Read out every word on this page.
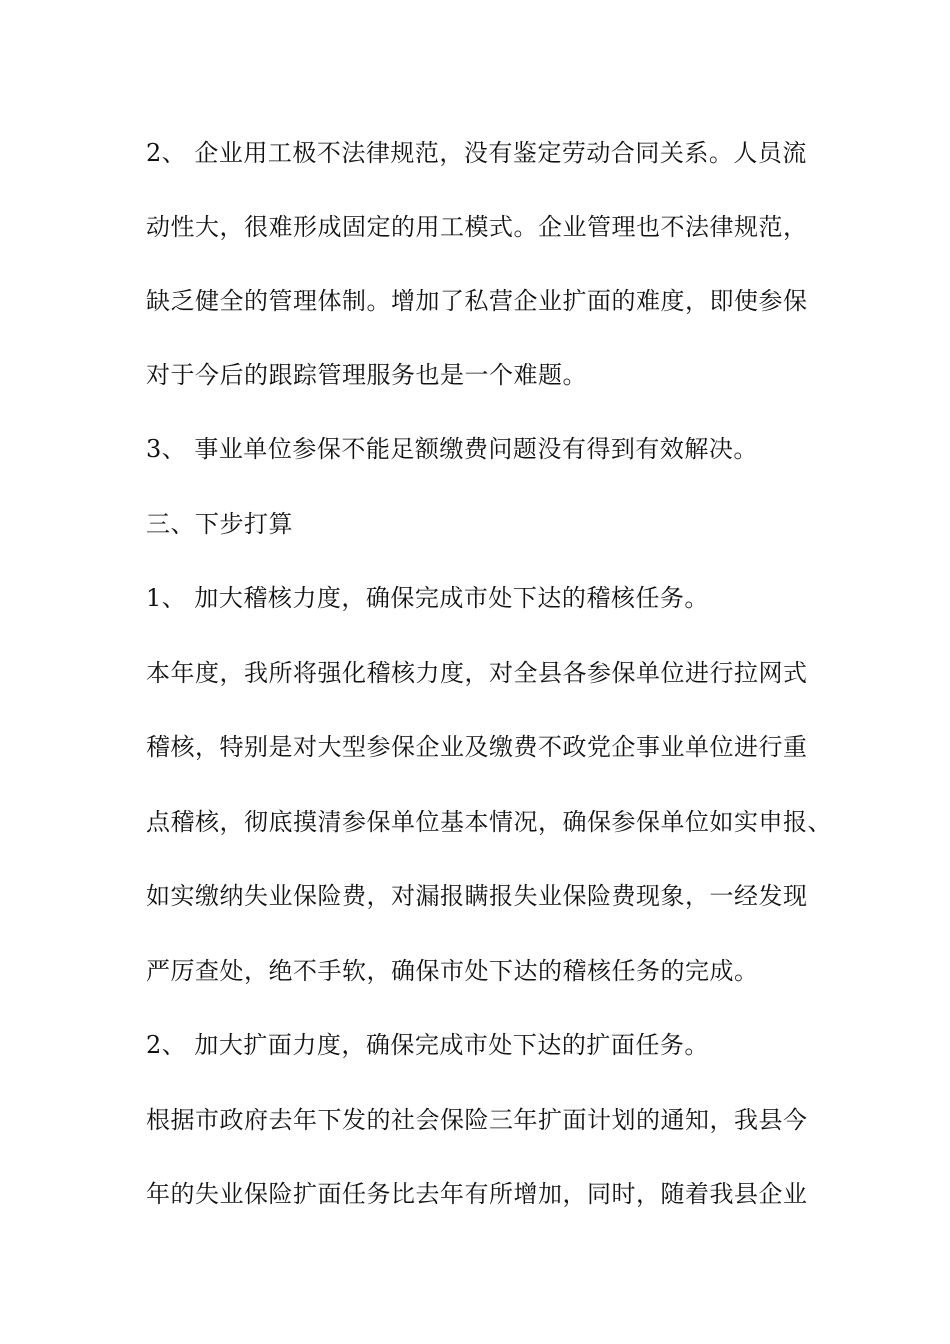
2、 企业用工极不法律规范，没有鉴定劳动合同关系。人员流
动性大，很难形成固定的用工模式。企业管理也不法律规范，
缺乏健全的管理体制。增加了私营企业扩面的难度，即使参保
对于今后的跟踪管理服务也是一个难题。
3、 事业单位参保不能足额缴费问题没有得到有效解决。
三、下步打算
1、 加大稽核力度，确保完成市处下达的稽核任务。
本年度，我所将强化稽核力度，对全县各参保单位进行拉网式
稽核，特别是对大型参保企业及缴费不政党企事业单位进行重
点稽核，彻底摸清参保单位基本情况，确保参保单位如实申报、
如实缴纳失业保险费，对漏报瞒报失业保险费现象，一经发现
严厉查处，绝不手软，确保市处下达的稽核任务的完成。
2、 加大扩面力度，确保完成市处下达的扩面任务。
根据市政府去年下发的社会保险三年扩面计划的通知，我县今
年的失业保险扩面任务比去年有所增加，同时，随着我县企业
